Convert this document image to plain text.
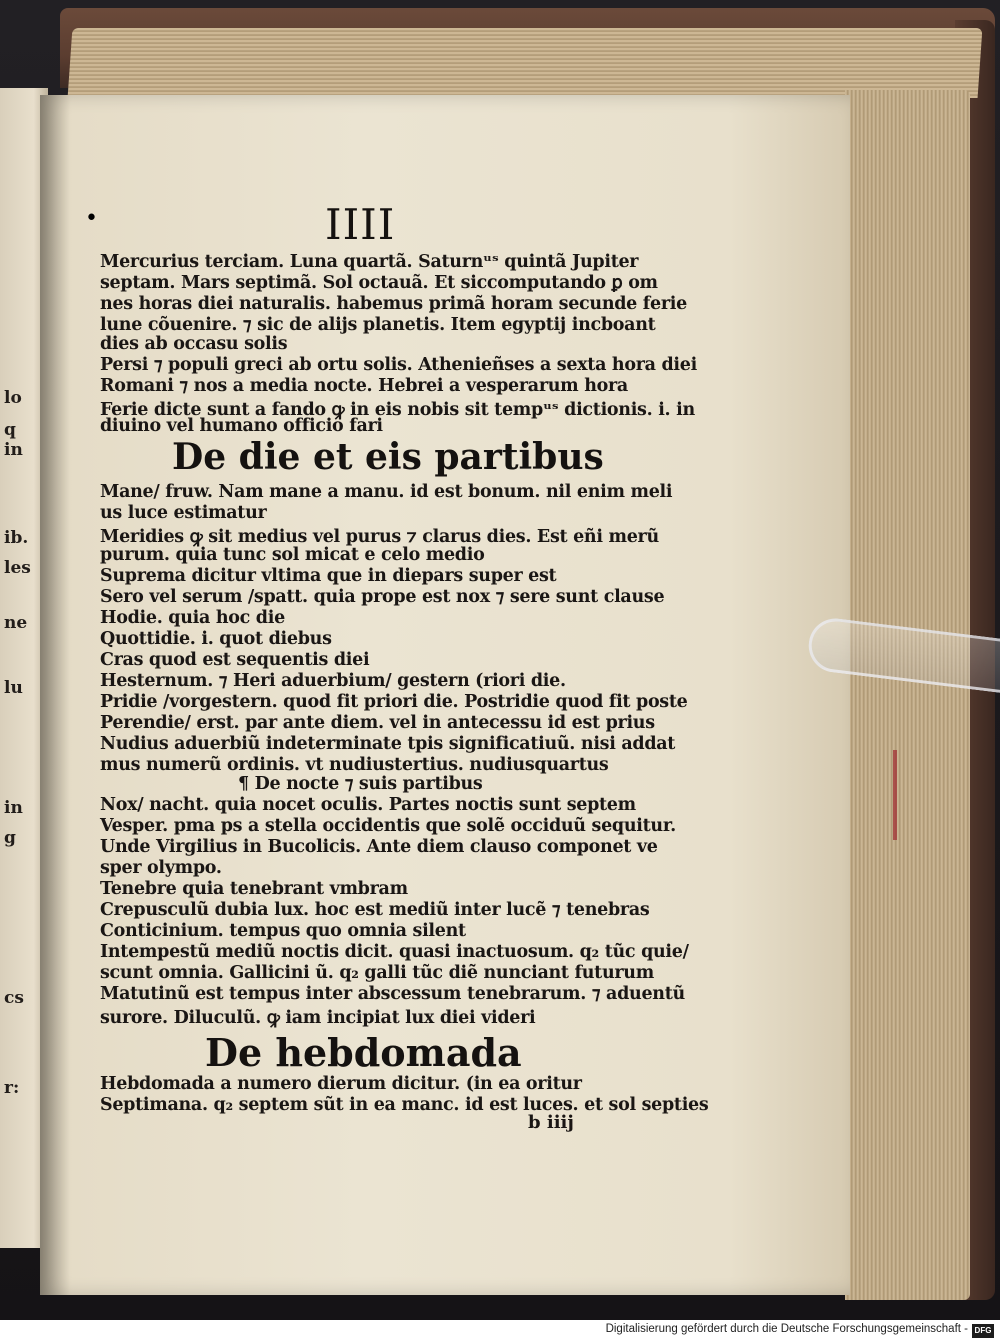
lo
q
in
ib.
les
ne
lu
in
g
cs
r:
•	IIII
Mercurius terciam. Luna quartã. Saturnᵘˢ quintã Jupiter
septam. Mars septimã. Sol octauã. Et siccomputando ꝑ om
nes horas diei naturalis. habemus primã horam secunde ferie
lune cõuenire. ⁊ sic de alijs planetis. Item egyptij incboant
dies ab occasu solis
Persi ⁊ populi greci ab ortu solis. Athenieñses a sexta hora diei
Romani ⁊ nos a media nocte. Hebrei a vesperarum hora
Ferie dicte sunt a fando ꝙ in eis nobis sit tempᵘˢ dictionis. i. in
diuino vel humano officio fari
De die et eis partibus
Mane/ fruw. Nam mane a manu. id est bonum. nil enim meli
us luce estimatur
Meridies ꝙ sit medius vel purus ⁊ clarus dies. Est eñi merũ
purum. quia tunc sol micat e celo medio
Suprema dicitur vltima que in diepars super est
Sero vel serum /spatt. quia prope est nox ⁊ sere sunt clause
Hodie. quia hoc die
Quottidie. i. quot diebus
Cras quod est sequentis diei
Hesternum. ⁊ Heri aduerbium/ gestern (riori die.
Pridie /vorgestern. quod fit priori die. Postridie quod fit poste
Perendie/ erst. par ante diem. vel in antecessu id est prius
Nudius aduerbiũ indeterminate tpis significatiuũ. nisi addat
mus numerũ ordinis. vt nudiustertius. nudiusquartus
¶ De nocte ⁊ suis partibus
Nox/ nacht. quia nocet oculis. Partes noctis sunt septem
Vesper. pma ps a stella occidentis que solẽ occiduũ sequitur.
Unde Virgilius in Bucolicis. Ante diem clauso componet ve
sper olympo.
Tenebre quia tenebrant vmbram
Crepusculũ dubia lux. hoc est mediũ inter lucẽ ⁊ tenebras
Conticinium. tempus quo omnia silent
Intempestũ mediũ noctis dicit. quasi inactuosum. q₂ tũc quie/
scunt omnia. Gallicini ũ. q₂ galli tũc diẽ nunciant futurum
Matutinũ est tempus inter abscessum tenebrarum. ⁊ aduentũ
surore. Diluculũ. ꝙ iam incipiat lux diei videri
De hebdomada
Hebdomada a numero dierum dicitur. (in ea oritur
Septimana. q₂ septem sũt in ea manc. id est luces. et sol septies
b iiij
Digitalisierung gefördert durch die Deutsche Forschungsgemeinschaft - DFG
